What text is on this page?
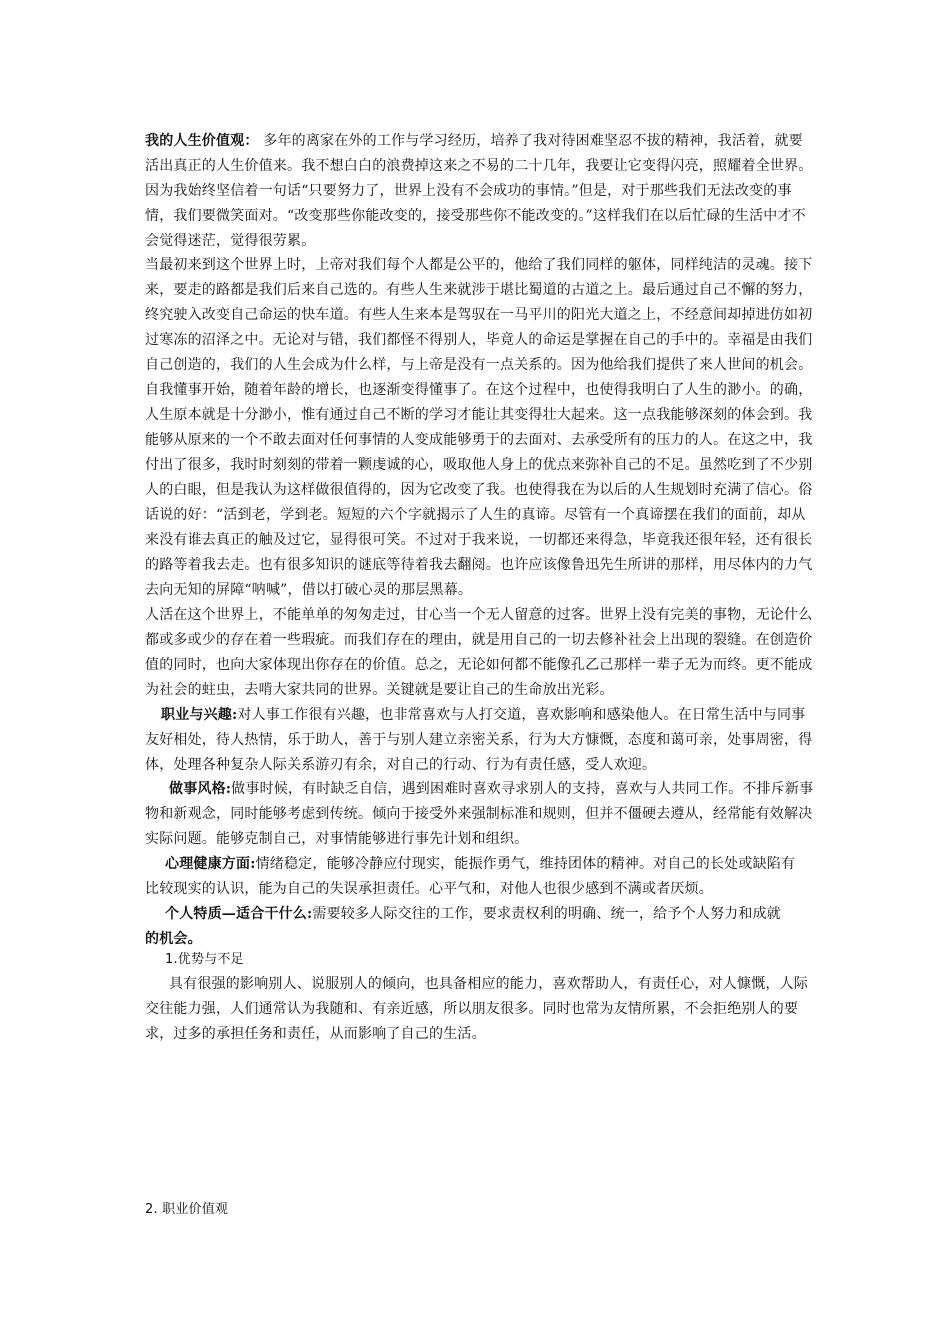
我的人生价值观： 多年的离家在外的工作与学习经历，培养了我对待困难坚忍不拔的精神，我活着，就要活出真正的人生价值来。我不想白白的浪费掉这来之不易的二十几年，我要让它变得闪亮，照耀着全世界。因为我始终坚信着一句话“只要努力了，世界上没有不会成功的事情。”但是，对于那些我们无法改变的事情，我们要微笑面对。“改变那些你能改变的，接受那些你不能改变的。”这样我们在以后忙碌的生活中才不会觉得迷茫，觉得很劳累。

当最初来到这个世界上时，上帝对我们每个人都是公平的，他给了我们同样的躯体，同样纯洁的灵魂。接下来，要走的路都是我们后来自己选的。有些人生来就涉于堪比蜀道的古道之上。最后通过自己不懈的努力，终究驶入改变自己命运的快车道。有些人生来本是驾驭在一马平川的阳光大道之上，不经意间却掉进仿如初过寒冻的沼泽之中。无论对与错，我们都怪不得别人，毕竟人的命运是掌握在自己的手中的。幸福是由我们自己创造的，我们的人生会成为什么样，与上帝是没有一点关系的。因为他给我们提供了来人世间的机会。自我懂事开始，随着年龄的增长，也逐渐变得懂事了。在这个过程中，也使得我明白了人生的渺小。的确，人生原本就是十分渺小，惟有通过自己不断的学习才能让其变得壮大起来。这一点我能够深刻的体会到。我能够从原来的一个不敢去面对任何事情的人变成能够勇于的去面对、去承受所有的压力的人。在这之中，我付出了很多，我时时刻刻的带着一颗虔诚的心，吸取他人身上的优点来弥补自己的不足。虽然吃到了不少别人的白眼，但是我认为这样做很值得的，因为它改变了我。也使得我在为以后的人生规划时充满了信心。俗话说的好：“活到老，学到老。短短的六个字就揭示了人生的真谛。尽管有一个真谛摆在我们的面前，却从来没有谁去真正的触及过它，显得很可笑。不过对于我来说，一切都还来得急，毕竟我还很年轻，还有很长的路等着我去走。也有很多知识的谜底等待着我去翻阅。也许应该像鲁迅先生所讲的那样，用尽体内的力气去向无知的屏障“呐喊”，借以打破心灵的那层黑幕。

人活在这个世界上，不能单单的匆匆走过，甘心当一个无人留意的过客。世界上没有完美的事物，无论什么都或多或少的存在着一些瑕疵。而我们存在的理由，就是用自己的一切去修补社会上出现的裂缝。在创造价值的同时，也向大家体现出你存在的价值。总之，无论如何都不能像孔乙己那样一辈子无为而终。更不能成为社会的蛀虫，去啃大家共同的世界。关键就是要让自己的生命放出光彩。

职业与兴趣:对人事工作很有兴趣，也非常喜欢与人打交道，喜欢影响和感染他人。在日常生活中与同事友好相处，待人热情，乐于助人，善于与别人建立亲密关系，行为大方慷慨，态度和蔼可亲，处事周密，得体，处理各种复杂人际关系游刃有余，对自己的行动、行为有责任感，受人欢迎。

做事风格:做事时候，有时缺乏自信，遇到困难时喜欢寻求别人的支持，喜欢与人共同工作。不排斥新事物和新观念，同时能够考虑到传统。倾向于接受外来强制标准和规则，但并不僵硬去遵从，经常能有效解决实际问题。能够克制自己，对事情能够进行事先计划和组织。

心理健康方面:情绪稳定，能够冷静应付现实，能振作勇气，维持团体的精神。对自己的长处或缺陷有比较现实的认识，能为自己的失误承担责任。心平气和，对他人也很少感到不满或者厌烦。

个人特质—适合干什么:需要较多人际交往的工作，要求责权利的明确、统一，给予个人努力和成就
的机会。

1.优势与不足

具有很强的影响别人、说服别人的倾向，也具备相应的能力，喜欢帮助人，有责任心，对人慷慨，人际交往能力强，人们通常认为我随和、有亲近感，所以朋友很多。同时也常为友情所累，不会拒绝别人的要求，过多的承担任务和责任，从而影响了自己的生活。

2. 职业价值观
